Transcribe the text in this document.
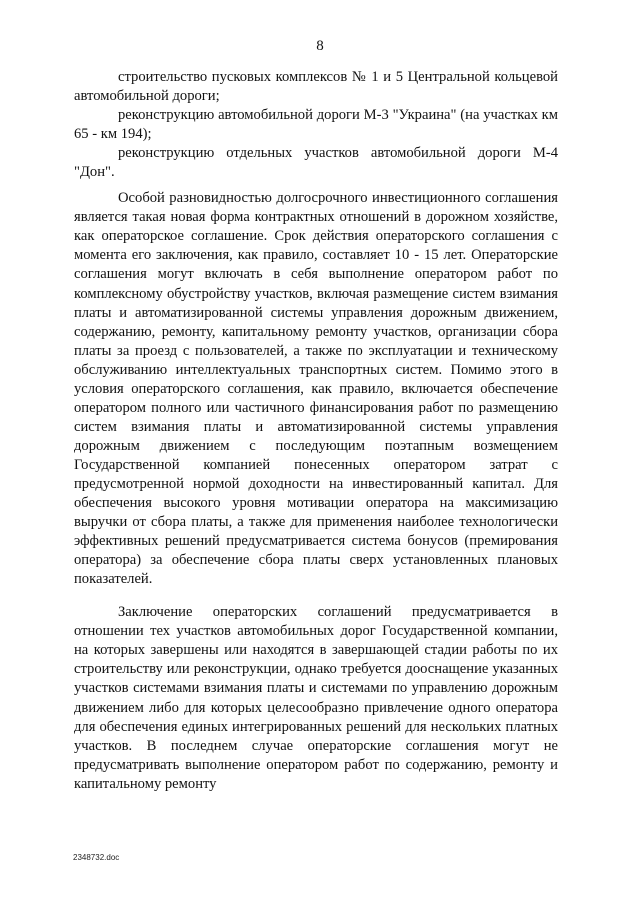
8

строительство пусковых комплексов № 1 и 5 Центральной кольцевой автомобильной дороги;

реконструкцию автомобильной дороги М-3 "Украина" (на участках км 65 - км 194);

реконструкцию отдельных участков автомобильной дороги М-4 "Дон".

Особой разновидностью долгосрочного инвестиционного соглашения является такая новая форма контрактных отношений в дорожном хозяйстве, как операторское соглашение. Срок действия операторского соглашения с момента его заключения, как правило, составляет 10 - 15 лет. Операторские соглашения могут включать в себя выполнение оператором работ по комплексному обустройству участков, включая размещение систем взимания платы и автоматизированной системы управления дорожным движением, содержанию, ремонту, капитальному ремонту участков, организации сбора платы за проезд с пользователей, а также по эксплуатации и техническому обслуживанию интеллектуальных транспортных систем. Помимо этого в условия операторского соглашения, как правило, включается обеспечение оператором полного или частичного финансирования работ по размещению систем взимания платы и автоматизированной системы управления дорожным движением с последующим поэтапным возмещением Государственной компанией понесенных оператором затрат с предусмотренной нормой доходности на инвестированный капитал. Для обеспечения высокого уровня мотивации оператора на максимизацию выручки от сбора платы, а также для применения наиболее технологически эффективных решений предусматривается система бонусов (премирования оператора) за обеспечение сбора платы сверх установленных плановых показателей.

Заключение операторских соглашений предусматривается в отношении тех участков автомобильных дорог Государственной компании, на которых завершены или находятся в завершающей стадии работы по их строительству или реконструкции, однако требуется дооснащение указанных участков системами взимания платы и системами по управлению дорожным движением либо для которых целесообразно привлечение одного оператора для обеспечения единых интегрированных решений для нескольких платных участков. В последнем случае операторские соглашения могут не предусматривать выполнение оператором работ по содержанию, ремонту и капитальному ремонту

2348732.doc
